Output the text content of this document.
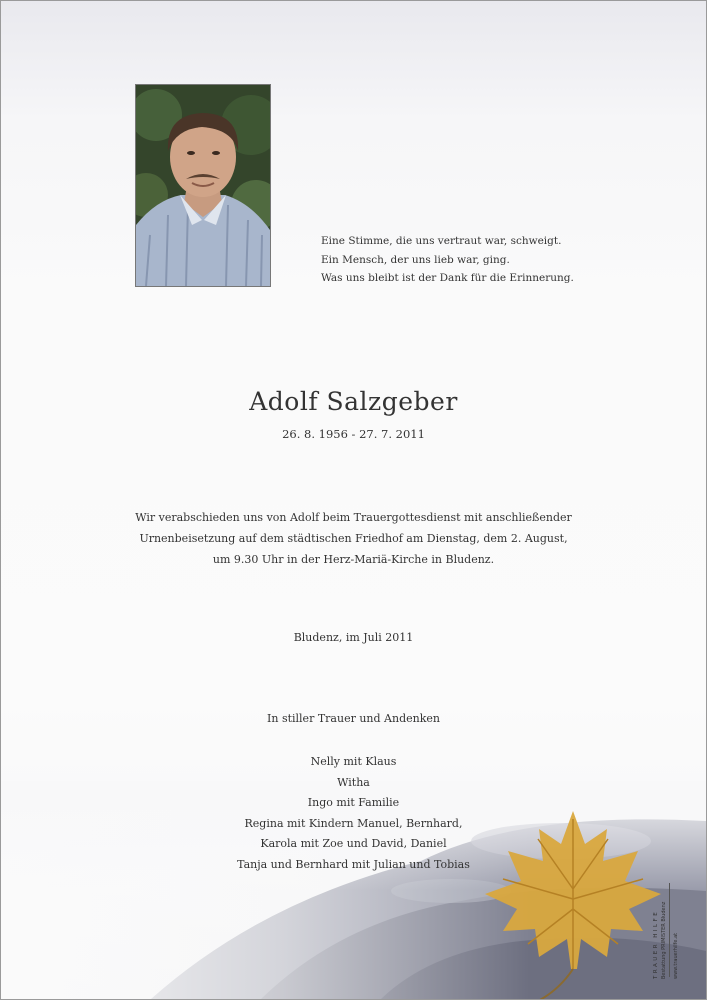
Eine Stimme, die uns vertraut war, schweigt.
Ein Mensch, der uns lieb war, ging.
Was uns bleibt ist der Dank für die Erinnerung.
Adolf Salzgeber
26. 8. 1956 - 27. 7. 2011
Wir verabschieden uns von Adolf beim Trauergottesdienst mit anschließender
Urnenbeisetzung auf dem städtischen Friedhof am Dienstag, dem 2. August,
um 9.30 Uhr in der Herz-Mariä-Kirche in Bludenz.
Bludenz, im Juli 2011
In stiller Trauer und Andenken
Nelly mit Klaus
Witha
Ingo mit Familie
Regina mit Kindern Manuel, Bernhard,
Karola mit Zoe und David, Daniel
Tanja und Bernhard mit Julian und Tobias
TRAUER HILFE Bestattung PRIMISTER Bludenz www.trauerhilfe.at
